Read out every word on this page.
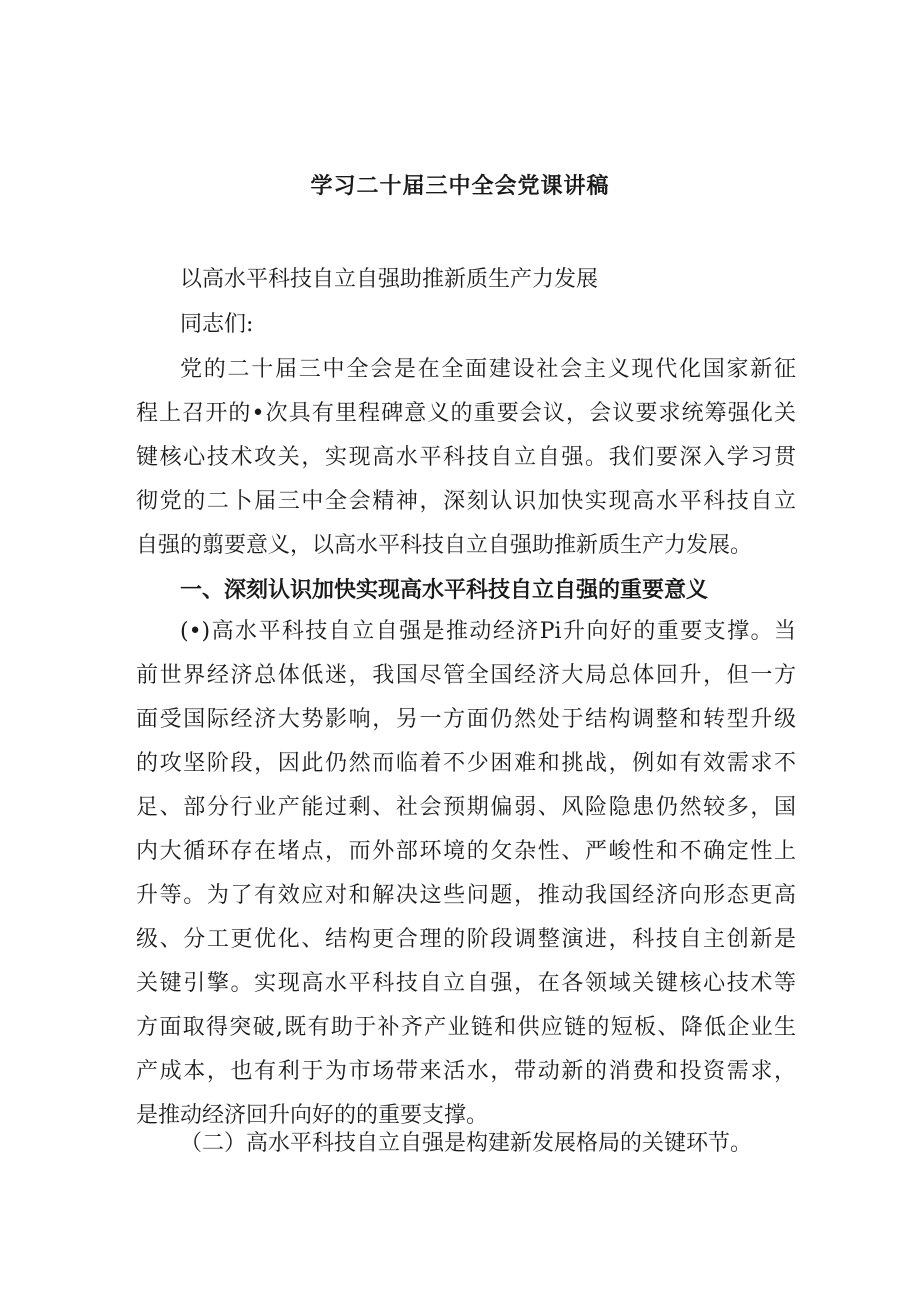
学习二十届三中全会党课讲稿
以高水平科技自立自强助推新质生产力发展
同志们:
党的二十届三中全会是在全面建设社会主义现代化国家新征
程上召开的•次具有里程碑意义的重要会议，会议要求统筹强化关
键核心技术攻关，实现高水平科技自立自强。我们要深入学习贯
彻党的二卜届三中全会精神，深刻认识加快实现高水平科技自立
自强的翦要意义，以高水平科技自立自强助推新质生产力发展。
一、深刻认识加快实现高水平科技自立自强的重要意义
(•)高水平科技自立自强是推动经济Pi升向好的重要支撑。当
前世界经济总体低迷，我国尽管全国经济大局总体回升，但一方
面受国际经济大势影响，另一方面仍然处于结构调整和转型升级
的攻坚阶段，因此仍然而临着不少困难和挑战，例如有效需求不
足、部分行业产能过剩、社会预期偏弱、风险隐患仍然较多，国
内大循环存在堵点，而外部环境的攵杂性、严峻性和不确定性上
升等。为了有效应对和解决这些问题，推动我国经济向形态更高
级、分工更优化、结构更合理的阶段调整演进，科技自主创新是
关键引擎。实现高水平科技自立自强，在各领域关键核心技术等
方面取得突破,既有助于补齐产业链和供应链的短板、降低企业生
产成本，也有利于为市场带来活水，带动新的消费和投资需求，
是推动经济回升向好的的重要支撑。
（二）高水平科技自立自强是构建新发展格局的关键环节。
